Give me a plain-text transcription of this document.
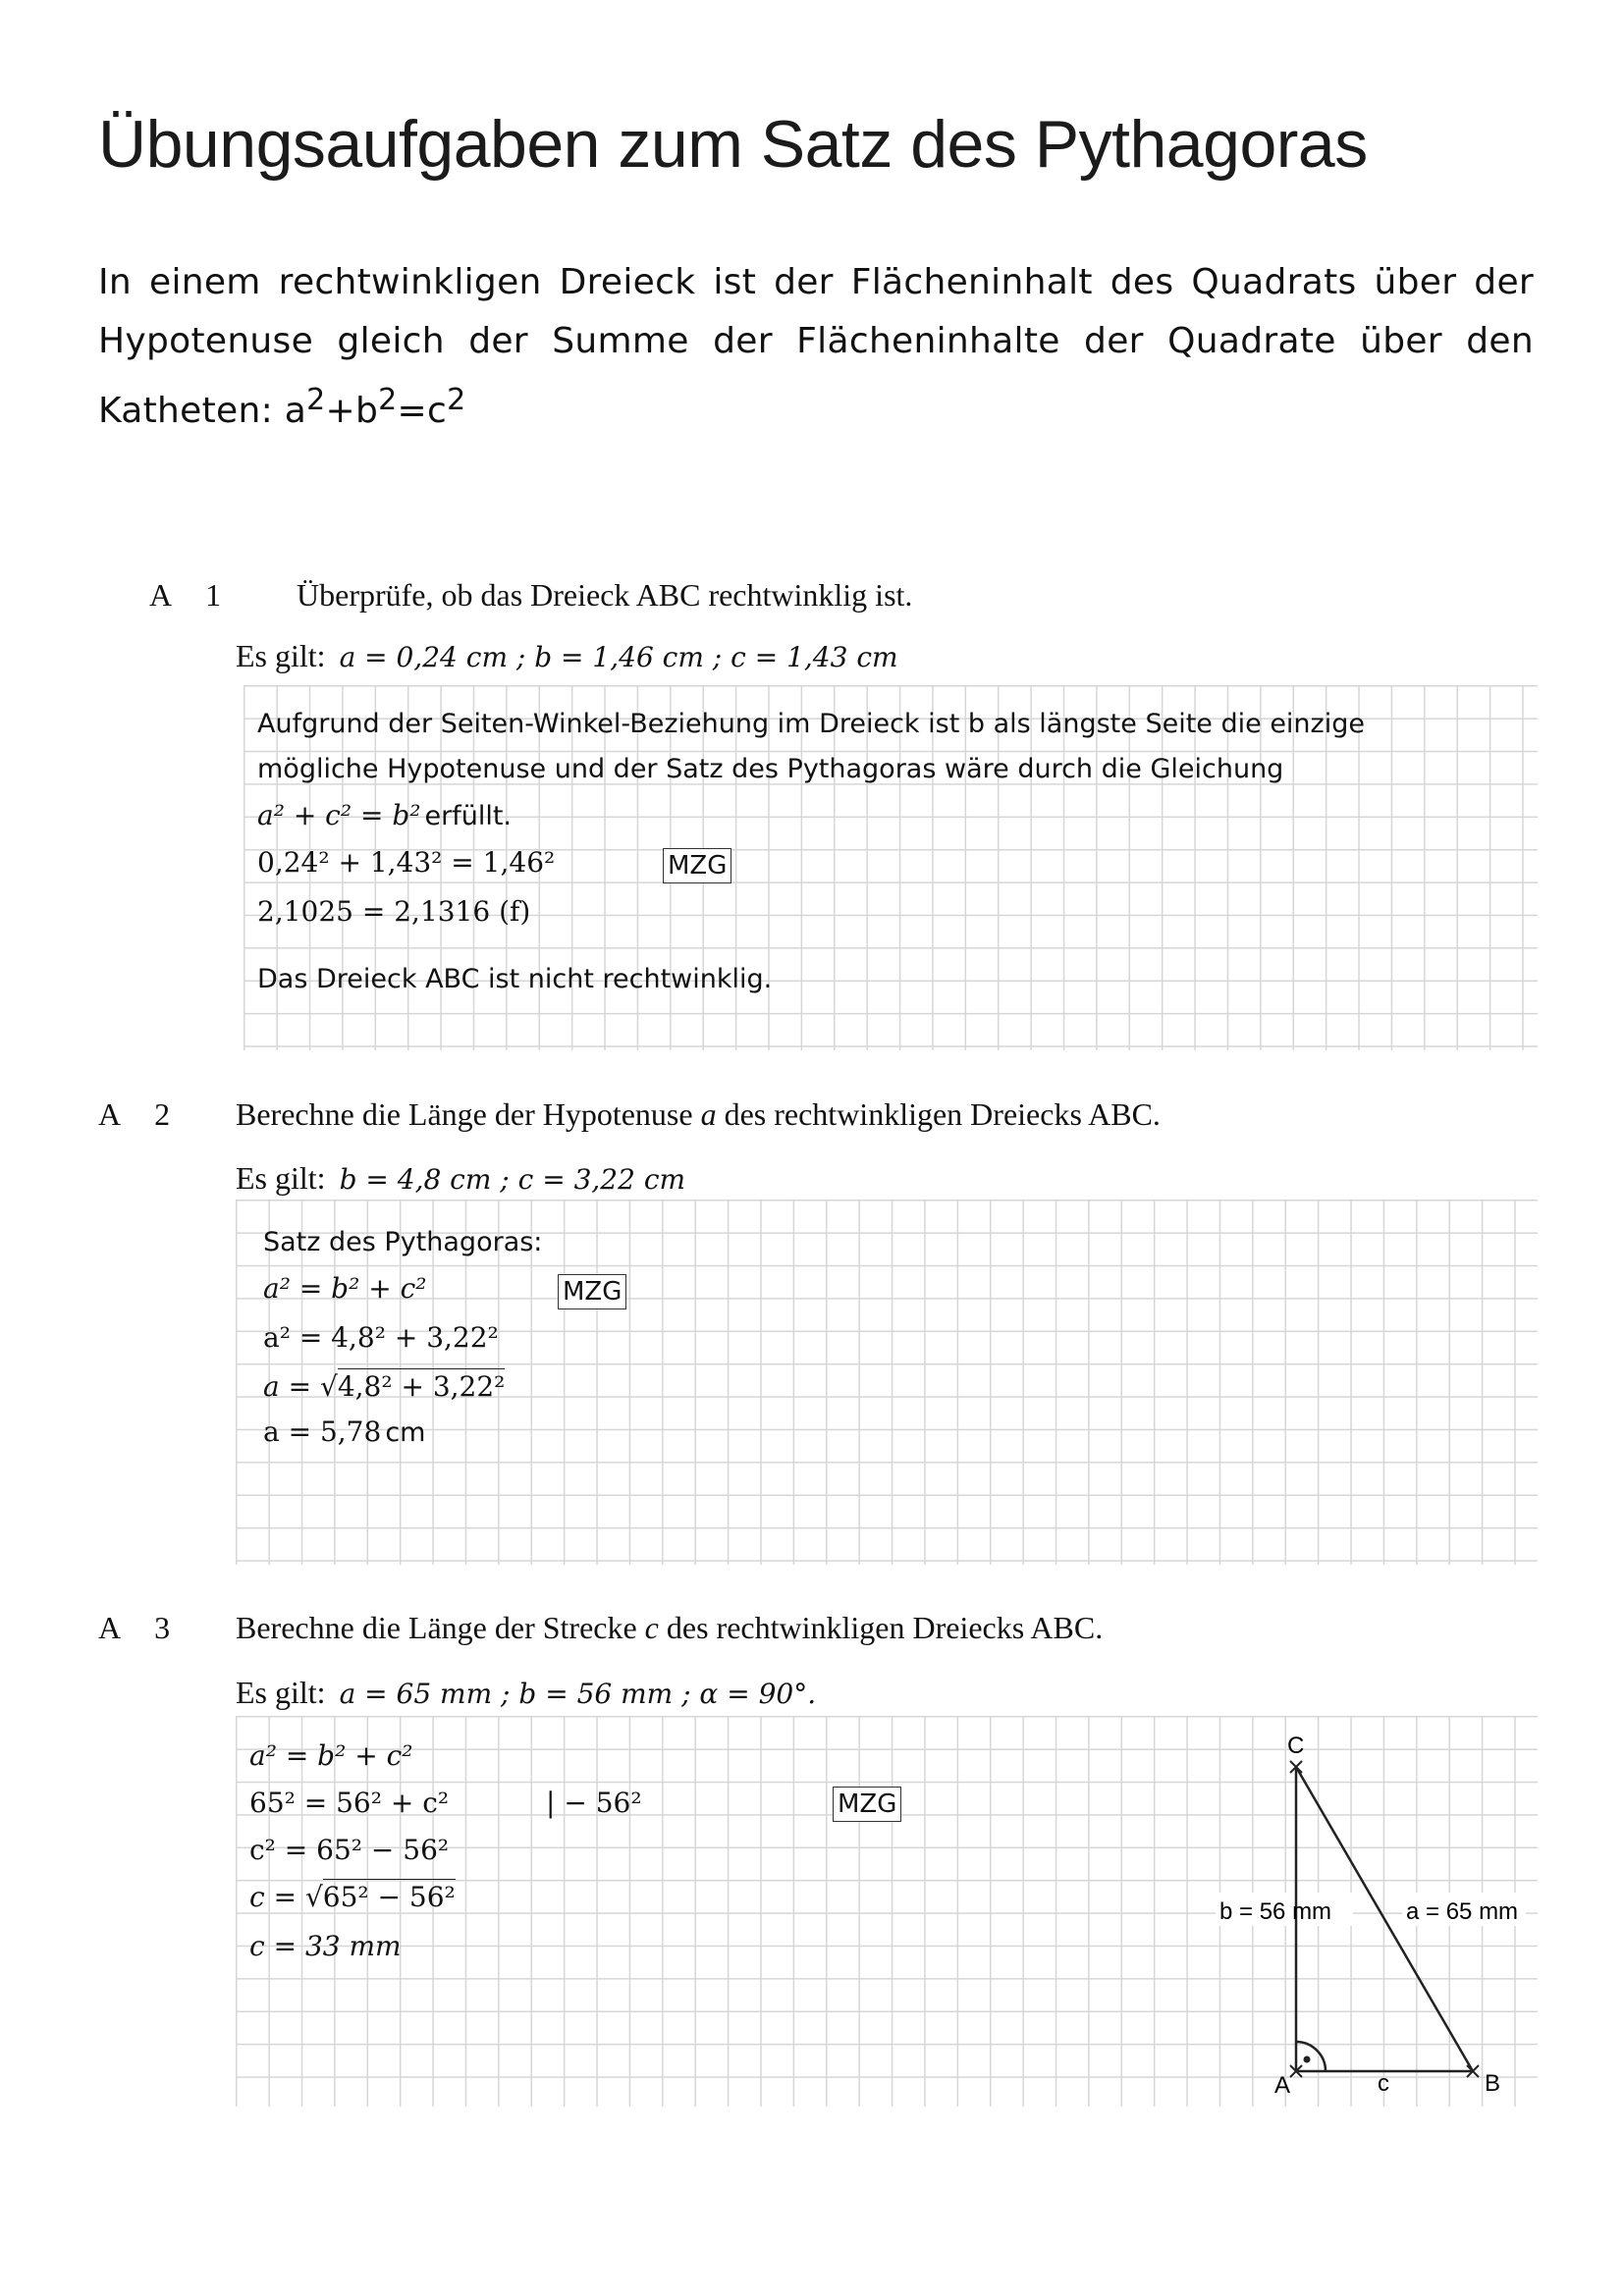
Übungsaufgaben zum Satz des Pythagoras

In einem rechtwinkligen Dreieck ist der Flächeninhalt des Quadrats über der Hypotenuse gleich der Summe der Flächeninhalte der Quadrate über den Katheten: $a^2+b^2=c^2$

A 1 Überprüfe, ob das Dreieck ABC rechtwinklig ist.
Es gilt: a = 0,24 cm ; b = 1,46 cm ; c = 1,43 cm
Aufgrund der Seiten-Winkel-Beziehung im Dreieck ist b als längste Seite die einzige
mögliche Hypotenuse und der Satz des Pythagoras wäre durch die Gleichung
a² + c² = b² erfüllt.
0,24² + 1,43² = 1,46²	MZG
2,1025 = 2,1316 (f)
Das Dreieck ABC ist nicht rechtwinklig.
A 2 Berechne die Länge der Hypotenuse a des rechtwinkligen Dreiecks ABC.
Es gilt: b = 4,8 cm ; c = 3,22 cm
Satz des Pythagoras:
a² = b² + c²	MZG
a² = 4,8² + 3,22²
a = √4,8² + 3,22²
a = 5,78 cm
A 3 Berechne die Länge der Strecke c des rechtwinkligen Dreiecks ABC.
Es gilt: a = 65 mm ; b = 56 mm ; α = 90°.
a² = b² + c²
65² = 56² + c²	| − 56²	MZG
c² = 65² − 56²
c = √65² − 56²
c = 33 mm
C
A	B
b = 56 mm	a = 65 mm
c
